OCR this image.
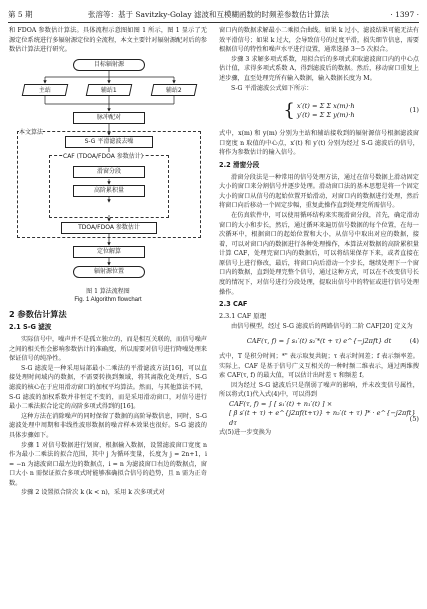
第 5 期	张溶等：基于 Savitzky-Golay 滤波和互模糊函数的时频差参数估计算法	· 1397 ·

和 FDOA 参数估计算法。具体流程示意图如图 1 所示，图 1 显示了无源定位系统进行多辐射源定位的全流程，本文主要针对辐射源配对后的参数估计算法进行研究。

目标辐射源
主站	辅站1	辅站2
脉冲配对
本文算法
S-G 平滑滤波去噪
CAF (TDOA/FDOA 参数估计)
滑窗分段
高阶累积量
TDOA/FDOA 参数估计
定位解算
辐射源位置
图 1 算法流程图
Fig. 1 Algorithm flowchart
2 参数估计算法
2.1 S-G 滤波

实际信号中，噪声并不是孤立独立的，而是相互关联的，而信号噪声之间的相关性会影响参数估计的准确度，所以需要对信号进行降噪处理来保证信号的纯净性。

S-G 滤波是一种采用局部最小二乘法的平滑滤波方法[16]，可以直接处理时间域内的数据，不需要转换到频域，将其离散化处理后，S-G 滤波的核心在于应用滑动窗口的加权平均算法。然而，与其他算法不同，S-G 滤波的加权系数并非恒定不变的，而是采用滑动窗口，对信号进行最小二乘法拟合论定的高阶多项式得到的[16]。

这种方法在消除噪声的同时保留了数据的高阶导数信息，同时，S-G 滤波处理中周期和非线性波形数据的噪音样本效果也很好。S-G 滤波的具体步骤如下。

步骤 1 对信号数据进行划窗，根据输入数据，设置滤波窗口宽度 n 作为最小二乘法的拟合范围，其中 j 为循环变量，长度为 j = 2n+1，i = −n 为滤波窗口最左边的数据点，i = n 为滤波窗口右边的数据点，窗口大小 n 需保证拟合多项式时能够准确拟合信号的趋势，且 n 需为正奇数。

步骤 2 设置拟合阶次 k (k < n)，采用 k 次多项式对

窗口内的数据求解最小二乘拟合曲线。如果 k 过小，滤波结果可能无法有效平滑信号；如果 k 过大，会导致信号的过度平滑，损失细节信息，需要根据信号的特性和噪声水平进行设置，通常选择 3～5 次拟合。

步骤 3 求解多项式系数，用拟合后的多项式求取滤波窗口内的中心点估计值，求得多项式系数 A，得到滤波后的数据。然后，移动窗口重复上述步骤，直至处理完所有输入数据，输入数据长度为 M。

S-G 平滑滤波公式如下所示：

{ x′(t) = Σ Σ x(m)·h
y′(t) = Σ Σ y(m)·h
(1)

式中，x(m) 和 y(m) 分别为主站和辅站接收到的辐射源信号根据滤波窗口宽度 n 取值的中心点，x′(t) 和 y′(t) 分别为经过 S-G 滤波后的信号，将作为参数估计的输入信号。

2.2 滑窗分段

滑窗分段法是一种常用的信号处理方法，通过在信号数据上滑动固定大小的窗口来分割信号并逐步处理。滑动窗口法的基本思想是将一个固定大小的窗口从信号的起始位置开始滑动，对窗口内的数据进行处理，然后将窗口向后移动一个固定步幅，重复此操作直到处理完所需信号。

在仿真软件中，可以使用循环结构来实现滑窗分段，首先，确定滑动窗口的大小和步长，然后，通过循环来遍历信号数据的每个位置，在每一次循环中，根据窗口的起始位置和大小，从信号中取出对应的数据，接着，可以对窗口内的数据进行各种处理操作，本算法对数据的高阶累积量计算 CAF，处理完窗口内的数据后，可以将结果保存下来，或者直接在原信号上进行修改，最后，将窗口向后滑动一个步长，继续处理下一个窗口内的数据，直到处理完整个信号，通过这种方式，可以在不改变信号长度的情况下，对信号进行分段处理，提取出信号中的特征或进行信号处理操作。

2.3 CAF
2.3.1 CAF 原理

由信号模型，经过 S-G 滤波后的两路信号的二阶 CAF[20] 定义为

CAF(τ, f) = ∫ s₁′(t) s₂′*(t + τ) e^{−j2πft} dt	(4)

式中，T 是积分时间；*" 表示取复共轭；τ 表示时间差；f 表示频率差。实际上，CAF 是基于信号广义互相关的一种时频二维表示，通过两维搜索 CAF(τ, f) 的最大值，可以估计出时差 τ 和频差 f。

因为经过 S-G 滤波后只是削弱了噪声的影响，并未改变信号属性，所以将式(1)代入式(4)中，可以得到

CAF(τ, f) = ∫ [ s₁′(t) + n₁′(t) ] ×
[ β s′(t + τ) + e^{j2πf(t+τ)} + n₂′(t + τ) ]* · e^{−j2πft} dτ	(5)

式(5)进一步变换为
